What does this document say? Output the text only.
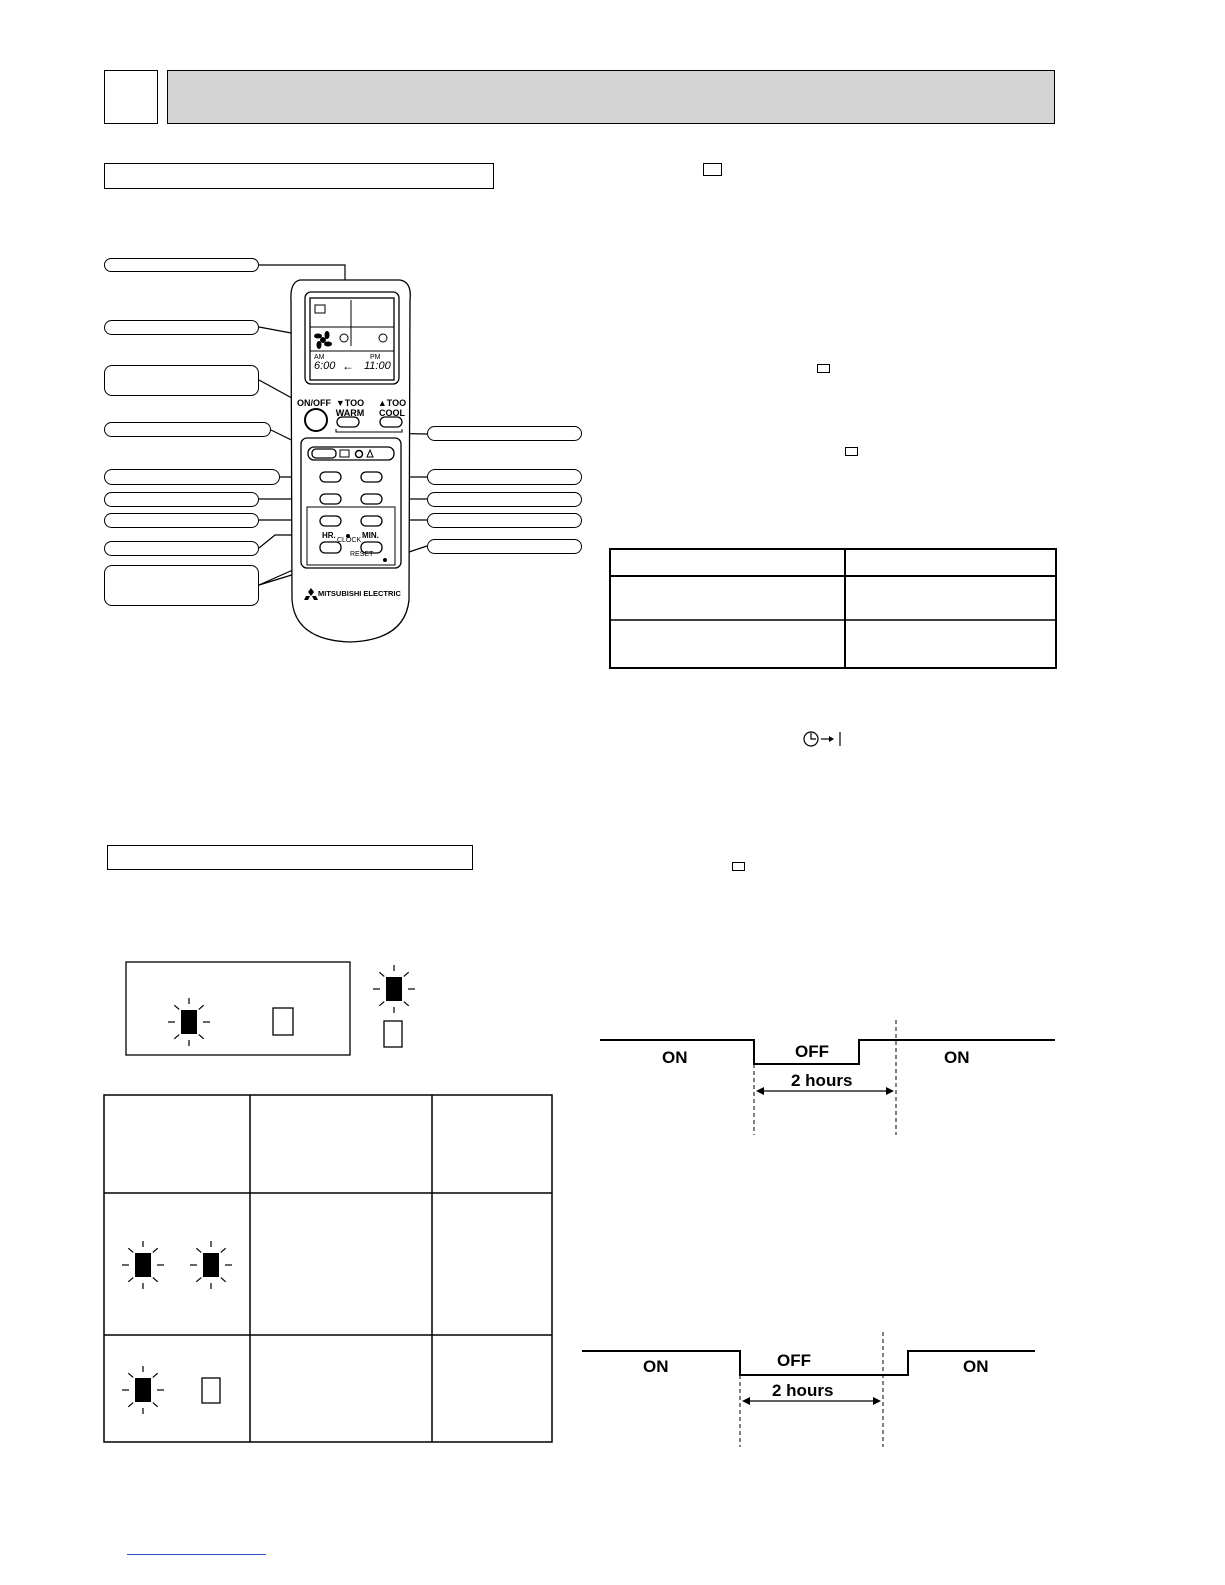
ON/OFF ▼TOO
WARM
▲TOO
COOL
AM	PM
6:00 ← 11:00
HR.	MIN.
CLOCK
RESET
MITSUBISHI ELECTRIC
ON	OFF	ON
2 hours
ON	OFF	ON
2 hours
